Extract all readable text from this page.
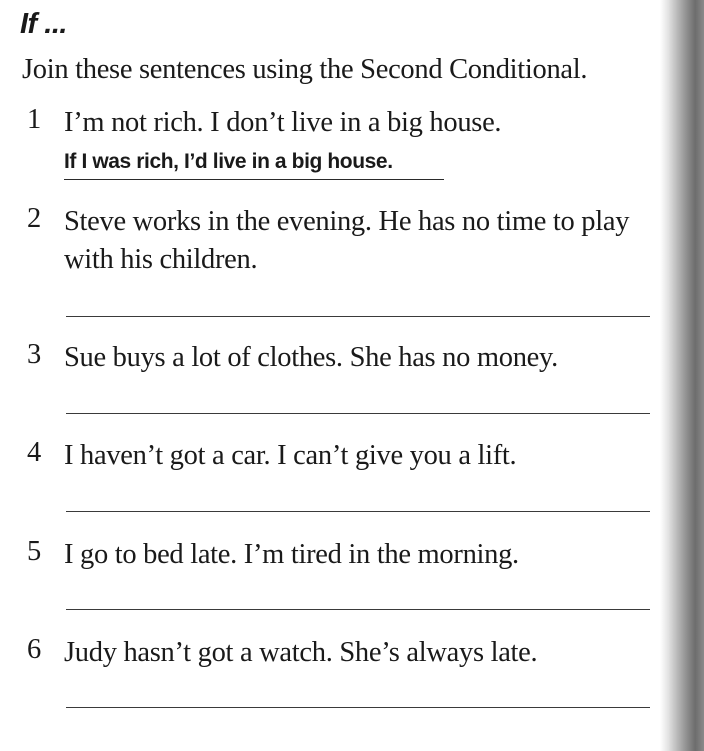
If ...
Join these sentences using the Second Conditional.
1 I’m not rich. I don’t live in a big house.
If I was rich, I’d live in a big house.
2 Steve works in the evening. He has no time to play with his children.
3 Sue buys a lot of clothes. She has no money.
4 I haven’t got a car. I can’t give you a lift.
5 I go to bed late. I’m tired in the morning.
6 Judy hasn’t got a watch. She’s always late.
